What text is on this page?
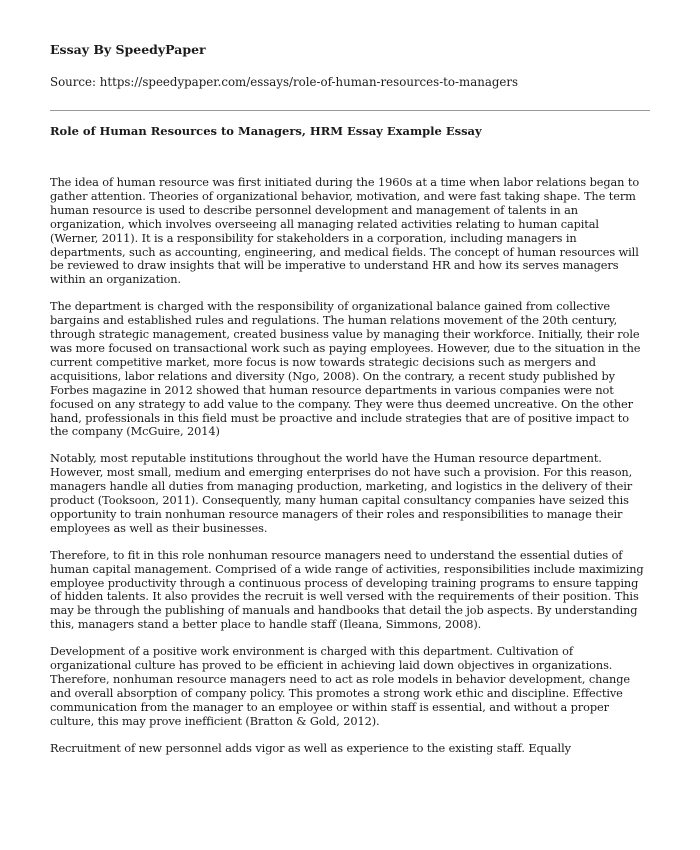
Essay By SpeedyPaper
Source: https://speedypaper.com/essays/role-of-human-resources-to-managers
Role of Human Resources to Managers, HRM Essay Example Essay

The idea of human resource was first initiated during the 1960s at a time when labor relations began to gather attention. Theories of organizational behavior, motivation, and were fast taking shape. The term human resource is used to describe personnel development and management of talents in an organization, which involves overseeing all managing related activities relating to human capital (Werner, 2011). It is a responsibility for stakeholders in a corporation, including managers in departments, such as accounting, engineering, and medical fields. The concept of human resources will be reviewed to draw insights that will be imperative to understand HR and how its serves managers within an organization.

The department is charged with the responsibility of organizational balance gained from collective bargains and established rules and regulations. The human relations movement of the 20th century, through strategic management, created business value by managing their workforce. Initially, their role was more focused on transactional work such as paying employees. However, due to the situation in the current competitive market, more focus is now towards strategic decisions such as mergers and acquisitions, labor relations and diversity (Ngo, 2008). On the contrary, a recent study published by Forbes magazine in 2012 showed that human resource departments in various companies were not focused on any strategy to add value to the company. They were thus deemed uncreative. On the other hand, professionals in this field must be proactive and include strategies that are of positive impact to the company (McGuire, 2014)

Notably, most reputable institutions throughout the world have the Human resource department. However, most small, medium and emerging enterprises do not have such a provision. For this reason, managers handle all duties from managing production, marketing, and logistics in the delivery of their product (Tooksoon, 2011). Consequently, many human capital consultancy companies have seized this opportunity to train nonhuman resource managers of their roles and responsibilities to manage their employees as well as their businesses.

Therefore, to fit in this role nonhuman resource managers need to understand the essential duties of human capital management. Comprised of a wide range of activities, responsibilities include maximizing employee productivity through a continuous process of developing training programs to ensure tapping of hidden talents. It also provides the recruit is well versed with the requirements of their position. This may be through the publishing of manuals and handbooks that detail the job aspects. By understanding this, managers stand a better place to handle staff (Ileana, Simmons, 2008).

Development of a positive work environment is charged with this department. Cultivation of organizational culture has proved to be efficient in achieving laid down objectives in organizations. Therefore, nonhuman resource managers need to act as role models in behavior development, change and overall absorption of company policy. This promotes a strong work ethic and discipline. Effective communication from the manager to an employee or within staff is essential, and without a proper culture, this may prove inefficient (Bratton & Gold, 2012).

Recruitment of new personnel adds vigor as well as experience to the existing staff. Equally
